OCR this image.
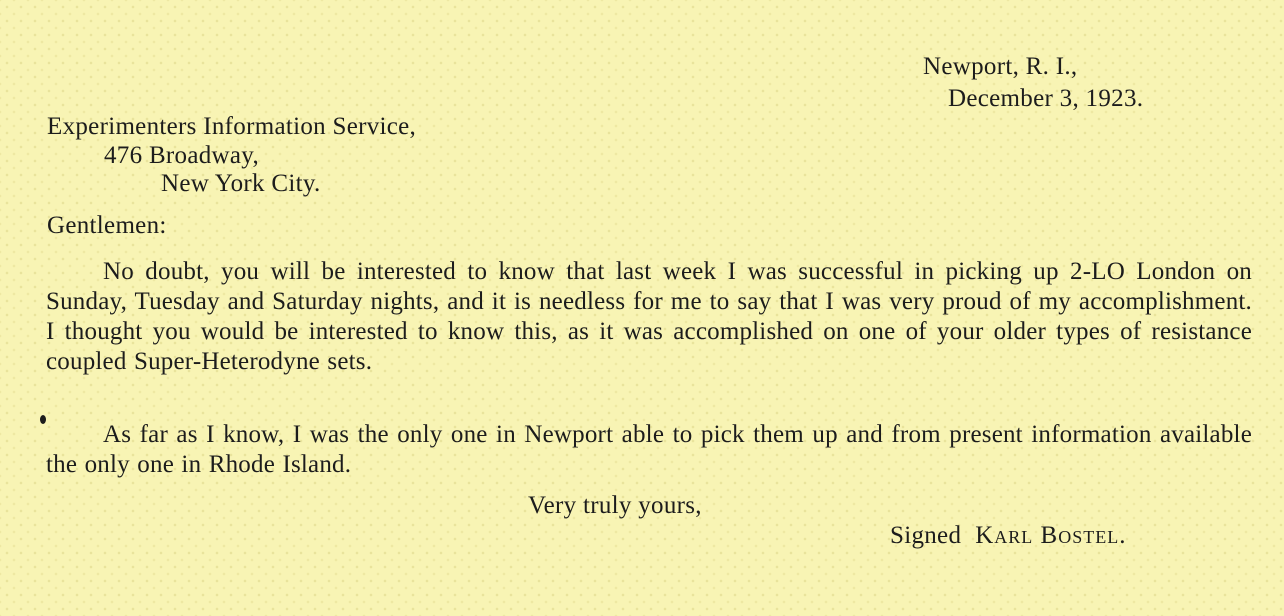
Newport, R. I.,
December 3, 1923.
Experimenters Information Service,
476 Broadway,
New York City.
Gentlemen:

No doubt, you will be interested to know that last week I was successful in picking up 2-LO London on Sunday, Tuesday and Saturday nights, and it is needless for me to say that I was very proud of my accomplishment. I thought you would be interested to know this, as it was accomplished on one of your older types of resistance coupled Super-Heterodyne sets.

As far as I know, I was the only one in Newport able to pick them up and from present information available the only one in Rhode Island.

Very truly yours,
Signed Karl Bostel.
